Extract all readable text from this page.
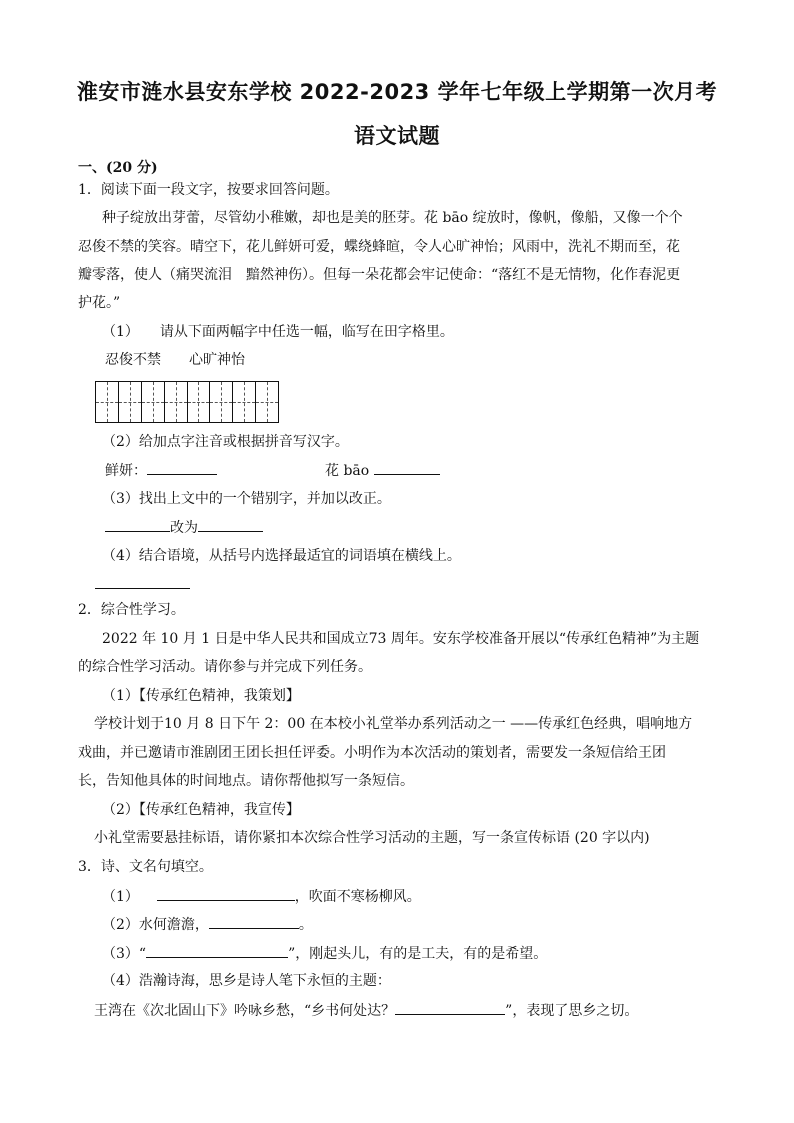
淮安市涟水县安东学校 2022-2023 学年七年级上学期第一次月考
语文试题
一、(20 分)
1．阅读下面一段文字，按要求回答问题。
种子绽放出芽蕾，尽管幼小稚嫩，却也是美的胚芽。花 bāo 绽放时，像帆，像船，又像一个个
忍俊不禁的笑容。晴空下，花儿鲜妍可爱，蝶绕蜂暄，令人心旷神怡；风雨中，洗礼不期而至，花
瓣零落，使人（痛哭流泪　黯然神伤）。但每一朵花都会牢记使命：“落红不是无情物，化作春泥更
护花。”
（1）　　请从下面两幅字中任选一幅，临写在田字格里。
忍俊不禁　　心旷神怡
（2）给加点字注音或根据拼音写汉字。
鲜妍：	花 bāo
（3）找出上文中的一个错别字，并加以改正。
改为
（4）结合语境，从括号内选择最适宜的词语填在横线上。
2．综合性学习。
2022 年 10 月 1 日是中华人民共和国成立73 周年。安东学校准备开展以“传承红色精神”为主题
的综合性学习活动。请你参与并完成下列任务。
（1）【传承红色精神，我策划】
学校计划于10 月 8 日下午 2：00 在本校小礼堂举办系列活动之一 ——传承红色经典，唱响地方
戏曲，并已邀请市淮剧团王团长担任评委。小明作为本次活动的策划者，需要发一条短信给王团
长，告知他具体的时间地点。请你帮他拟写一条短信。
（2）【传承红色精神，我宣传】
小礼堂需要悬挂标语，请你紧扣本次综合性学习活动的主题，写一条宣传标语 (20 字以内)
3．诗、文名句填空。
（1）	，吹面不寒杨柳风。
（2）水何澹澹，	。
（3）“	”，刚起头儿，有的是工夫，有的是希望。
（4）浩瀚诗海，思乡是诗人笔下永恒的主题：
王湾在《次北固山下》吟咏乡愁，“乡书何处达？	”，表现了思乡之切。
